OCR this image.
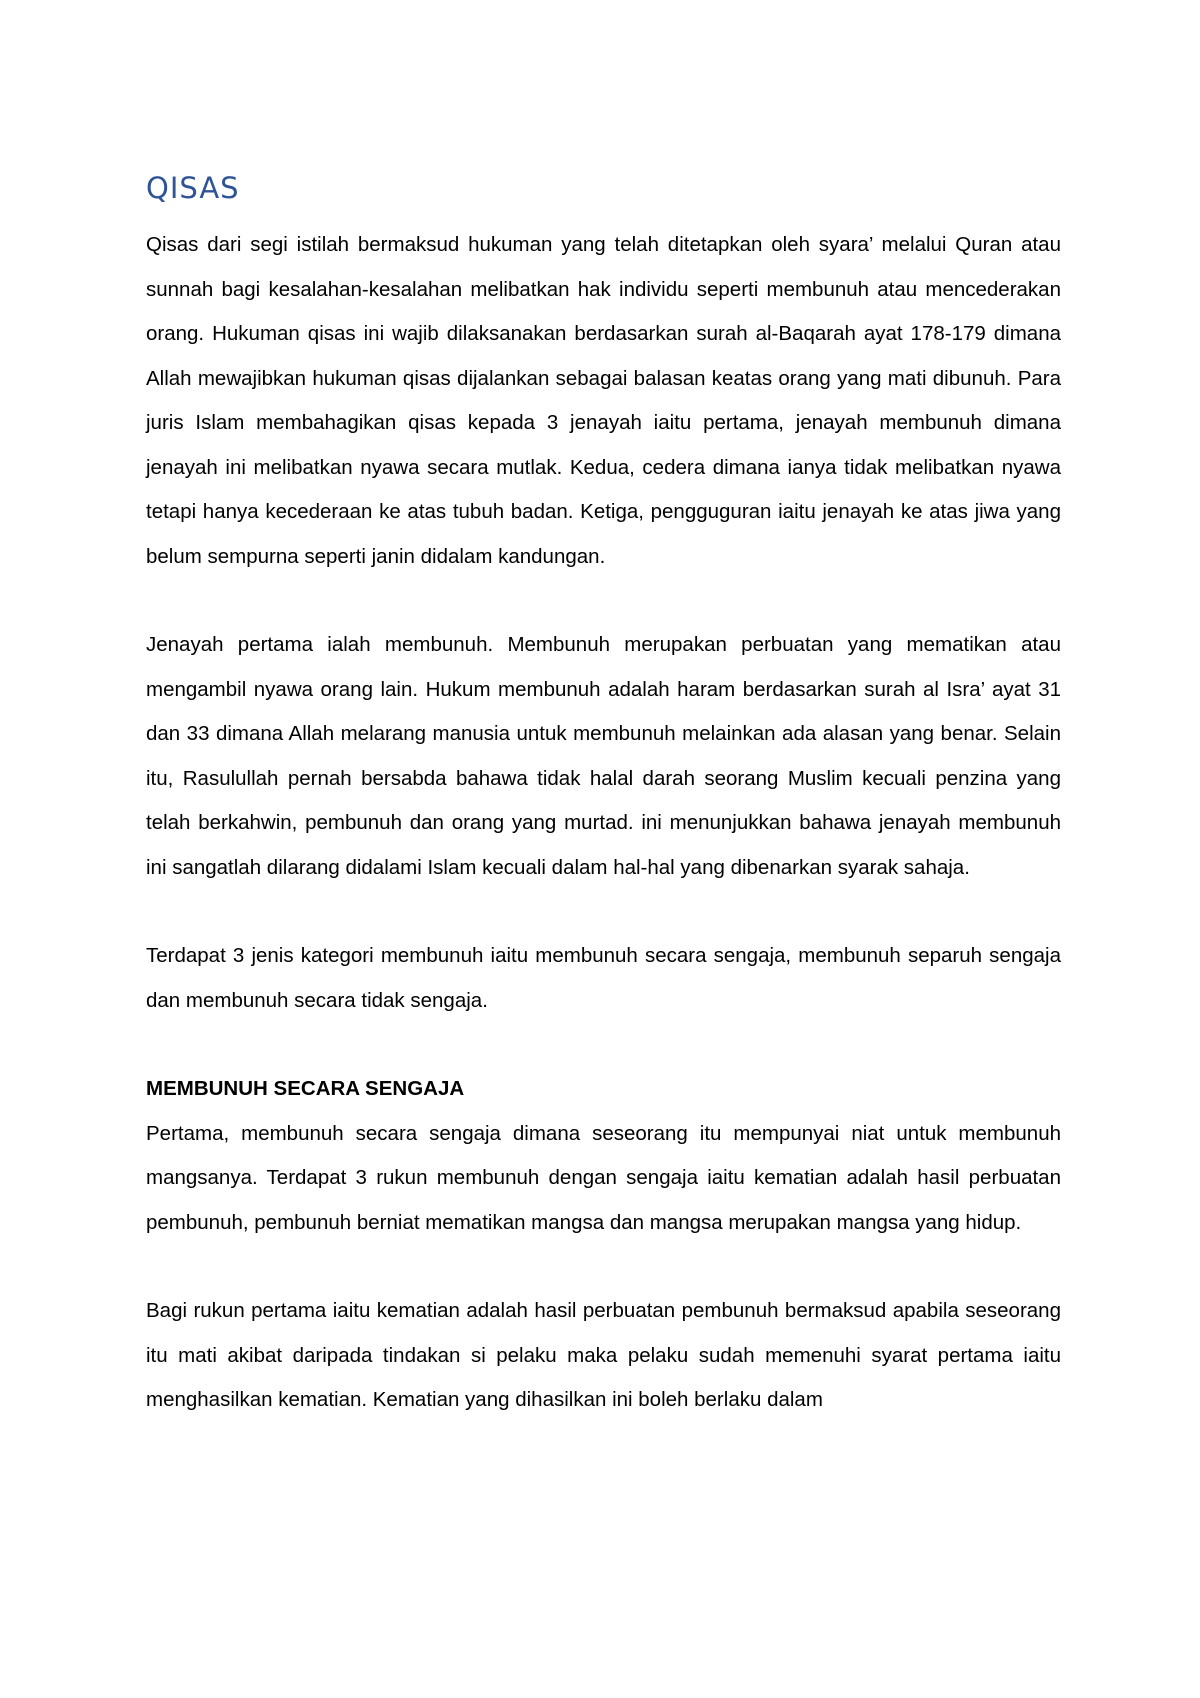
QISAS

Qisas dari segi istilah bermaksud hukuman yang telah ditetapkan oleh syara’ melalui Quran atau sunnah bagi kesalahan-kesalahan melibatkan hak individu seperti membunuh atau mencederakan orang. Hukuman qisas ini wajib dilaksanakan berdasarkan surah al-Baqarah ayat 178-179 dimana Allah mewajibkan hukuman qisas dijalankan sebagai balasan keatas orang yang mati dibunuh. Para juris Islam membahagikan qisas kepada 3 jenayah iaitu pertama, jenayah membunuh dimana jenayah ini melibatkan nyawa secara mutlak. Kedua, cedera dimana ianya tidak melibatkan nyawa tetapi hanya kecederaan ke atas tubuh badan. Ketiga, pengguguran iaitu jenayah ke atas jiwa yang belum sempurna seperti janin didalam kandungan.

Jenayah pertama ialah membunuh. Membunuh merupakan perbuatan yang mematikan atau mengambil nyawa orang lain. Hukum membunuh adalah haram berdasarkan surah al Isra’ ayat 31 dan 33 dimana Allah melarang manusia untuk membunuh melainkan ada alasan yang benar. Selain itu, Rasulullah pernah bersabda bahawa tidak halal darah seorang Muslim kecuali penzina yang telah berkahwin, pembunuh dan orang yang murtad. ini menunjukkan bahawa jenayah membunuh ini sangatlah dilarang didalami Islam kecuali dalam hal-hal yang dibenarkan syarak sahaja.

Terdapat 3 jenis kategori membunuh iaitu membunuh secara sengaja, membunuh separuh sengaja dan membunuh secara tidak sengaja.

MEMBUNUH SECARA SENGAJA

Pertama, membunuh secara sengaja dimana seseorang itu mempunyai niat untuk membunuh mangsanya. Terdapat 3 rukun membunuh dengan sengaja iaitu kematian adalah hasil perbuatan pembunuh, pembunuh berniat mematikan mangsa dan mangsa merupakan mangsa yang hidup.

Bagi rukun pertama iaitu kematian adalah hasil perbuatan pembunuh bermaksud apabila seseorang itu mati akibat daripada tindakan si pelaku maka pelaku sudah memenuhi syarat pertama iaitu menghasilkan kematian. Kematian yang dihasilkan ini boleh berlaku dalam
